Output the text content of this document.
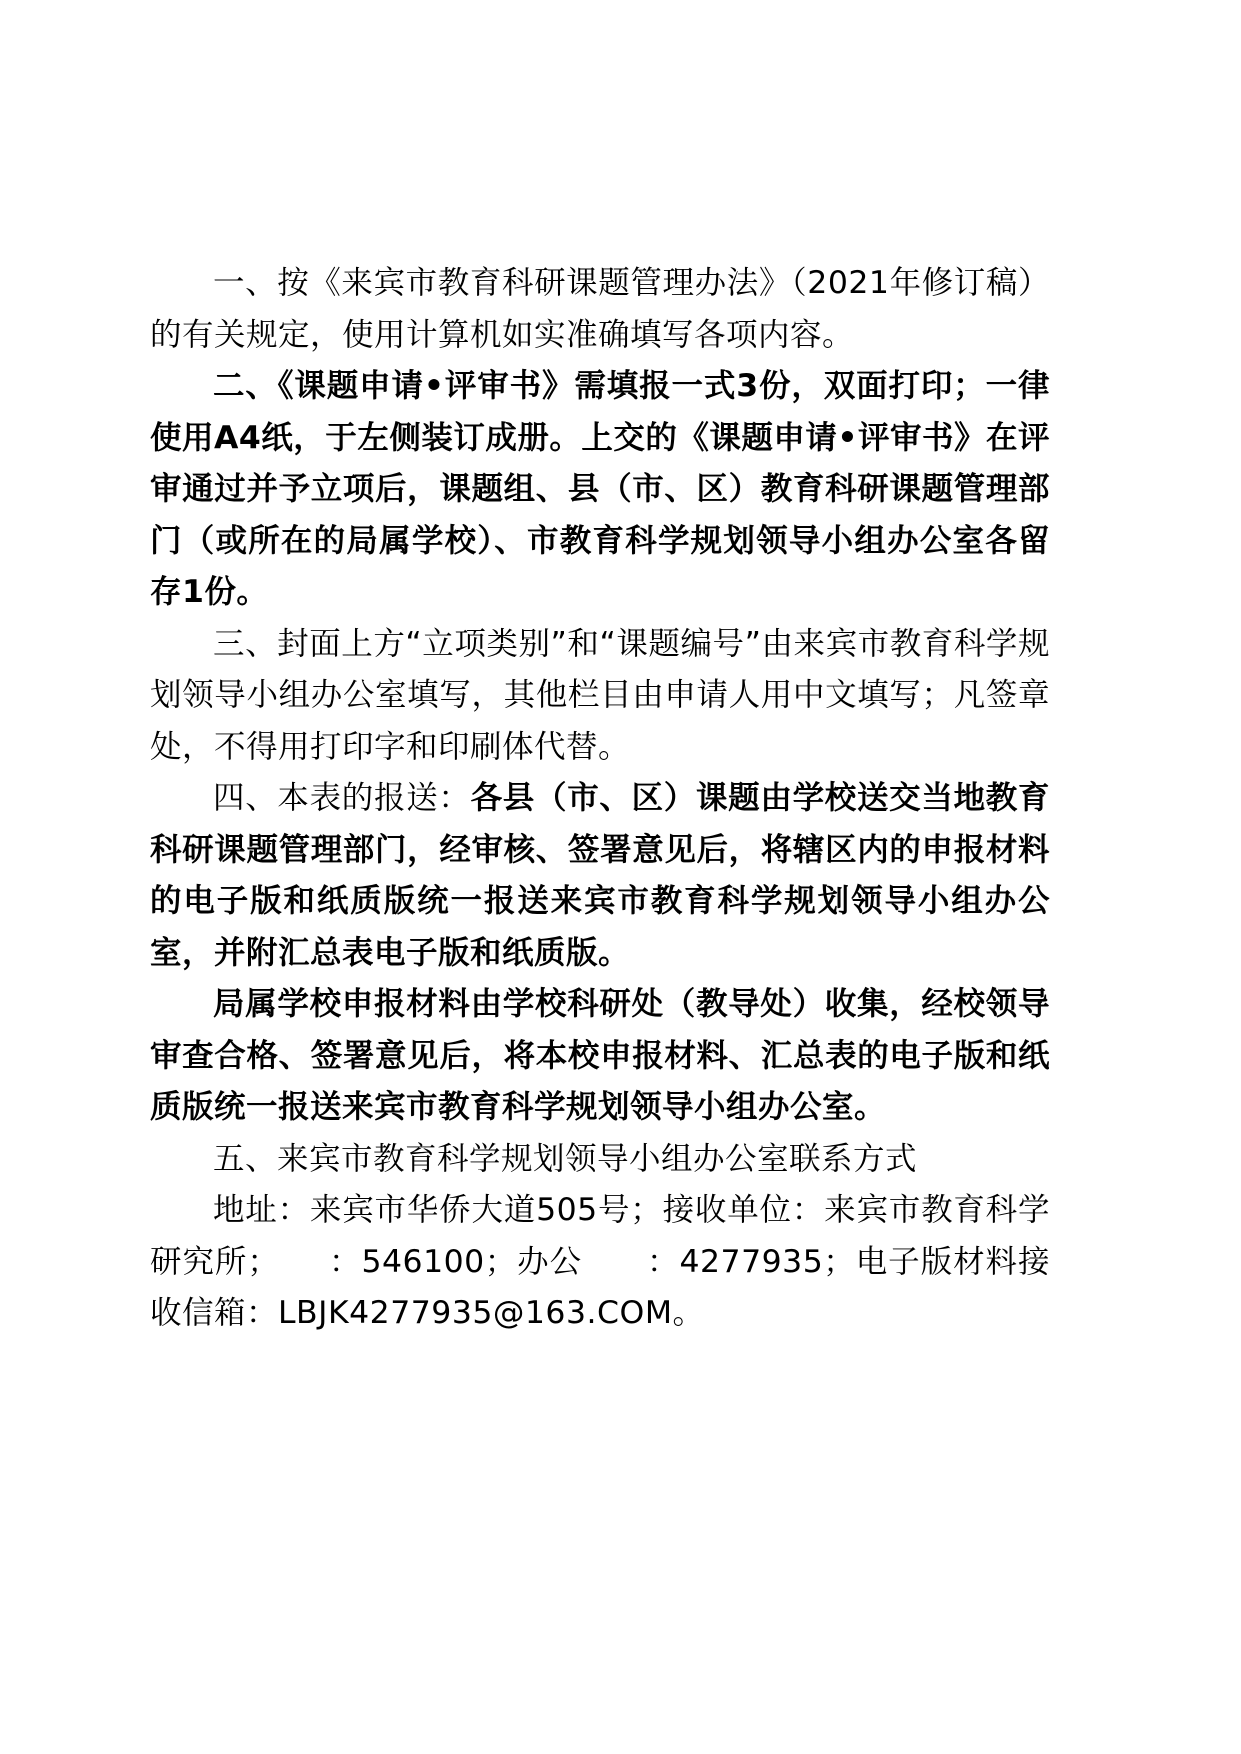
一、按《来宾市教育科研课题管理办法》（2021年修订稿）的有关规定，使用计算机如实准确填写各项内容。

二、《课题申请•评审书》需填报一式3份，双面打印；一律使用A4纸，于左侧装订成册。上交的《课题申请•评审书》在评审通过并予立项后，课题组、县（市、区）教育科研课题管理部门（或所在的局属学校）、市教育科学规划领导小组办公室各留存1份。

三、封面上方“立项类别”和“课题编号”由来宾市教育科学规划领导小组办公室填写，其他栏目由申请人用中文填写；凡签章处，不得用打印字和印刷体代替。

四、本表的报送：各县（市、区）课题由学校送交当地教育科研课题管理部门，经审核、签署意见后，将辖区内的申报材料的电子版和纸质版统一报送来宾市教育科学规划领导小组办公室，并附汇总表电子版和纸质版。

局属学校申报材料由学校科研处（教导处）收集，经校领导审查合格、签署意见后，将本校申报材料、汇总表的电子版和纸质版统一报送来宾市教育科学规划领导小组办公室。

五、来宾市教育科学规划领导小组办公室联系方式

地址：来宾市华侨大道505号；接收单位：来宾市教育科学研究所；　　：546100；办公　　：4277935；电子版材料接收信箱：LBJK4277935@163.COM。
